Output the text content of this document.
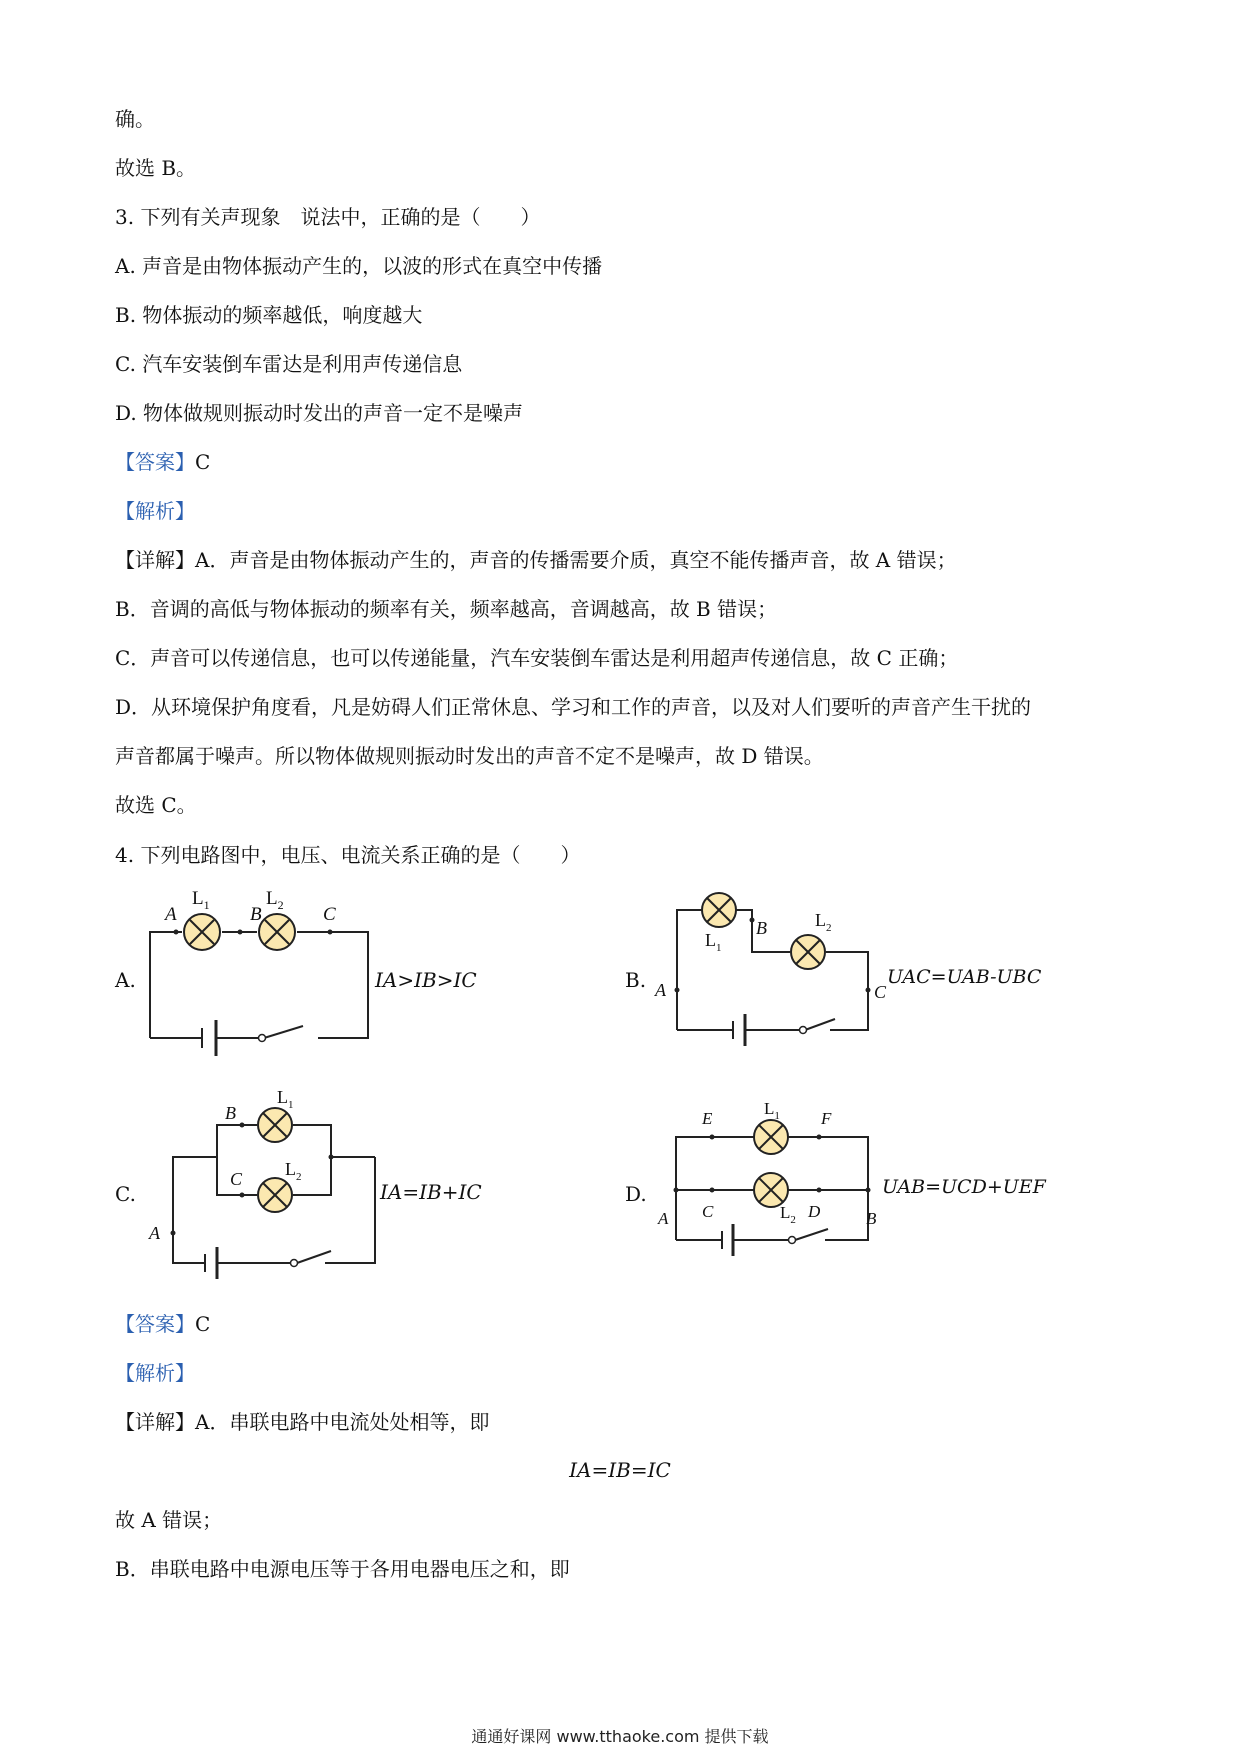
确。
故选 B。
3. 下列有关声现象　说法中，正确的是（　　）
A. 声音是由物体振动产生的，以波的形式在真空中传播
B. 物体振动的频率越低，响度越大
C. 汽车安装倒车雷达是利用声传递信息
D. 物体做规则振动时发出的声音一定不是噪声
【答案】C
【解析】
【详解】A．声音是由物体振动产生的，声音的传播需要介质，真空不能传播声音，故 A 错误；
B．音调的高低与物体振动的频率有关，频率越高，音调越高，故 B 错误；
C．声音可以传递信息，也可以传递能量，汽车安装倒车雷达是利用超声传递信息，故 C 正确；
D．从环境保护角度看，凡是妨碍人们正常休息、学习和工作的声音，以及对人们要听的声音产生干扰的
声音都属于噪声。所以物体做规则振动时发出的声音不定不是噪声，故 D 错误。
故选 C。
4. 下列电路图中，电压、电流关系正确的是（　　）
A.	B.
C.	D.
A	B	C
$L_1$	$L_2$
IA>IB>IC	A
B
C
$L_1$
$L_2$
UAC=UAB-UBC
B
C
A
$L_1$
$L_2$
IA=IB+IC
E	F
A C	D	B
$L_1$
$L_2$
UAB=UCD+UEF
【答案】C
【解析】
【详解】A．串联电路中电流处处相等，即
IA=IB=IC
故 A 错误；
B．串联电路中电源电压等于各用电器电压之和，即
通通好课网 www.tthaoke.com 提供下载
